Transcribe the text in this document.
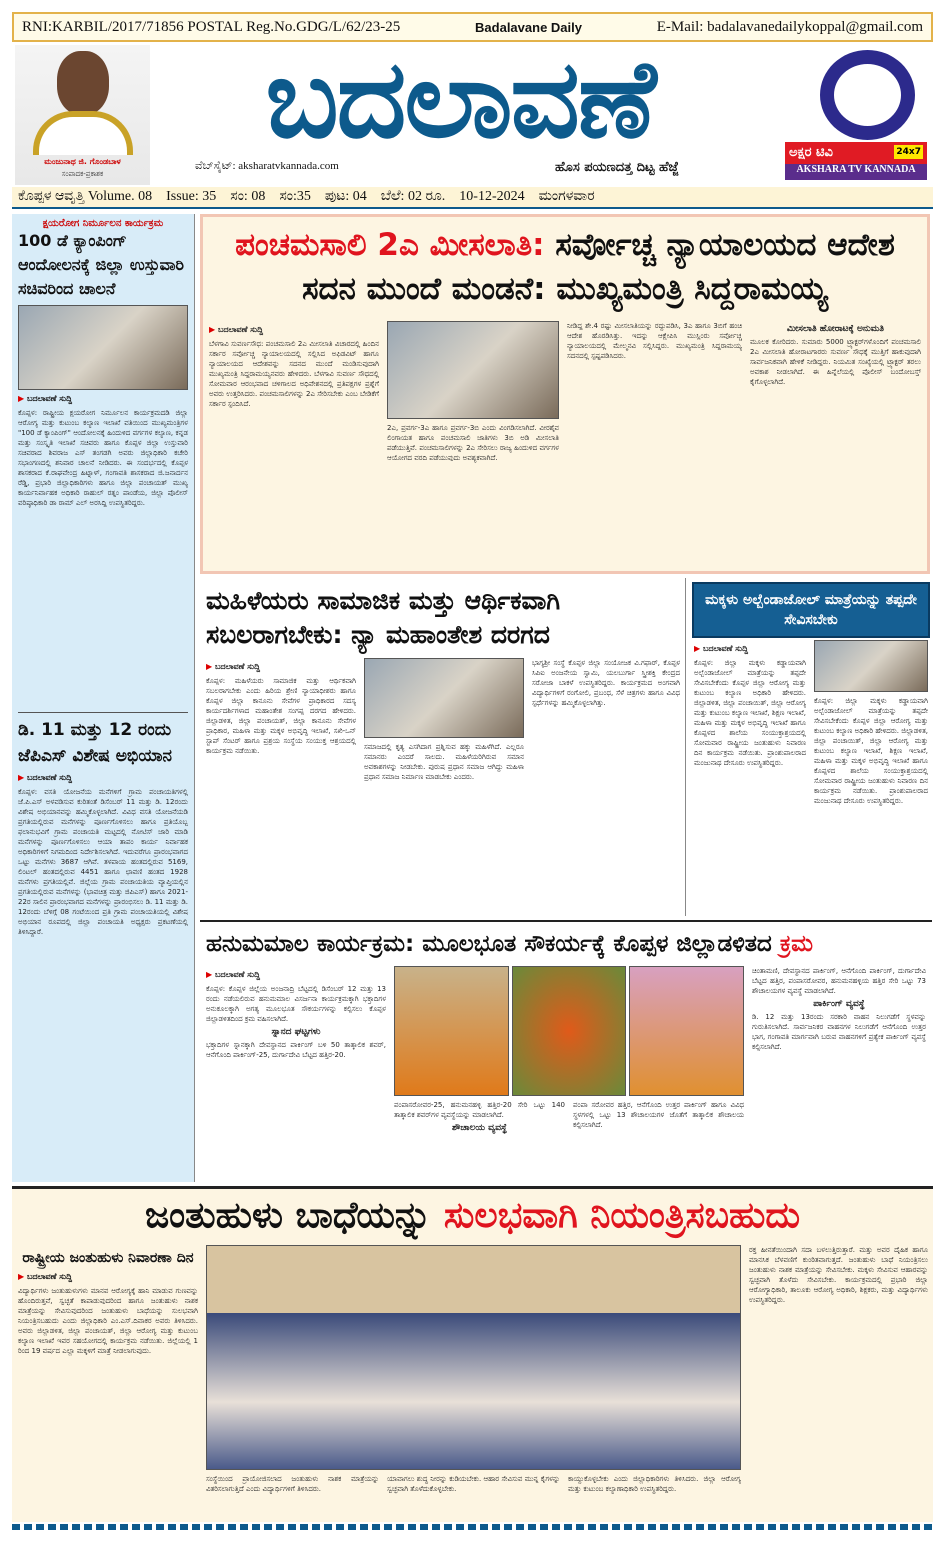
RNI:KARBIL/2017/71856 POSTAL Reg.No.GDG/L/62/23-25	Badalavane Daily	E-Mail: badalavanedailykoppal@gmail.com
ಮಂಜುನಾಥ ಜಿ. ಗೊಂಡಬಾಳ
ಸಂಪಾದಕ-ಪ್ರಕಾಶಕ
ಬದಲಾವಣೆ
ವೆಬ್‌ಸೈಟ್: aksharatvkannada.com	ಹೊಸ ಪಯಣದತ್ತ ದಿಟ್ಟ ಹೆಜ್ಜೆ
ಅಕ್ಷರ ಟಿವಿ	24x7
AKSHARA TV KANNADA
ಕೊಪ್ಪಳ ಆವೃತ್ತಿ Volume. 08 Issue: 35 ಸಂ: 08 ಸಂ:35 ಪುಟ: 04 ಬೆಲೆ: 02 ರೂ. 10-12-2024 ಮಂಗಳವಾರ
ಕ್ಷಯರೋಗ ನಿರ್ಮೂಲನ ಕಾರ್ಯಕ್ರಮ
100 ಡೆ ಕ್ಯಾಂಪಿಂಗ್ ಆಂದೋಲನಕ್ಕೆ ಜಿಲ್ಲಾ ಉಸ್ತುವಾರಿ ಸಚಿವರಿಂದ ಚಾಲನೆ
▶ ಬದಲಾವಣೆ ಸುದ್ದಿ
ಕೊಪ್ಪಳ: ರಾಷ್ಟ್ರೀಯ ಕ್ಷಯರೋಗ ನಿರ್ಮೂಲನ ಕಾರ್ಯಕ್ರಮದಡಿ ಜಿಲ್ಲಾ ಆರೋಗ್ಯ ಮತ್ತು ಕುಟುಂಬ ಕಲ್ಯಾಣ ಇಲಾಖೆ ವತಿಯಿಂದ ಮುಖ್ಯಮಂತ್ರಿಗಳ "100 ಡೆ ಕ್ಯಾಂಪಿಂಗ್" ಆಂದೋಲನಕ್ಕೆ ಹಿಂದುಳಿದ ವರ್ಗಗಳ ಕಲ್ಯಾಣ, ಕನ್ನಡ ಮತ್ತು ಸಂಸ್ಕೃತಿ ಇಲಾಖೆ ಸಚಿವರು ಹಾಗೂ ಕೊಪ್ಪಳ ಜಿಲ್ಲಾ ಉಸ್ತುವಾರಿ ಸಚಿವರಾದ ಶಿವರಾಜ ಎಸ್ ತಂಗಡಗಿ ಅವರು ಜಿಲ್ಲಾಧಿಕಾರಿ ಕಚೇರಿ ಸಭಾಂಗಣದಲ್ಲಿ ಶನಿವಾರ ಚಾಲನೆ ನೀಡಿದರು. ಈ ಸಂದರ್ಭದಲ್ಲಿ ಕೊಪ್ಪಳ ಶಾಸಕರಾದ ಕೆ.ರಾಘವೇಂದ್ರ ಹಿಟ್ನಾಳ್, ಗಂಗಾವತಿ ಶಾಸಕರಾದ ಜಿ.ಜನಾರ್ದನ ರೆಡ್ಡಿ, ಪ್ರಭಾರಿ ಜಿಲ್ಲಾಧಿಕಾರಿಗಳು ಹಾಗೂ ಜಿಲ್ಲಾ ಪಂಚಾಯತ್ ಮುಖ್ಯ ಕಾರ್ಯನಿರ್ವಾಹಕ ಅಧಿಕಾರಿ ರಾಹುಲ್ ರತ್ನಂ ಪಾಂಡೆಯ, ಜಿಲ್ಲಾ ಪೊಲೀಸ್ ವರಿಷ್ಠಾಧಿಕಾರಿ ಡಾ ರಾಮ್ ಎಲ್ ಅರಸಿದ್ದಿ ಉಪಸ್ಥಿತರಿದ್ದರು.
ಡಿ. 11 ಮತ್ತು 12 ರಂದು ಜೆಪಿಎಸ್ ವಿಶೇಷ ಅಭಿಯಾನ
▶ ಬದಲಾವಣೆ ಸುದ್ದಿ
ಕೊಪ್ಪಳ: ವಸತಿ ಯೋಜನೆಯ ಮನೆಗಳಿಗೆ ಗ್ರಾಮ ಪಂಚಾಯತಿಗಳಲ್ಲಿ ಜೆ.ಪಿ.ಎಸ್ ಅಳವಡಿಸುವ ಕುರಿತಂತೆ ಡಿಸೆಂಬರ್ 11 ಮತ್ತು ಡಿ. 12ರಂದು ವಿಶೇಷ ಅಭಿಯಾನವನ್ನು ಹಮ್ಮಿಕೊಳ್ಳಲಾಗಿದೆ. ವಿವಿಧ ವಸತಿ ಯೋಜನೆಯಡಿ ಪ್ರಗತಿಯಲ್ಲಿರುವ ಮನೆಗಳನ್ನು ಪೂರ್ಣಗೊಳಿಸಲು ಹಾಗೂ ಪ್ರತಿಯೊಬ್ಬ ಫಲಾನುಭವಿಗೆ ಗ್ರಾಮ ಪಂಚಾಯತಿ ಮಟ್ಟದಲ್ಲಿ ನೋಟಿಸ್ ಜಾರಿ ಮಾಡಿ ಮನೆಗಳನ್ನು ಪೂರ್ಣಗೊಳಿಸಲು ಆಯಾ ತಾಪಂ ಕಾರ್ಯ ನಿರ್ವಾಹಕ ಅಧಿಕಾರಿಗಳಿಗೆ ನಿಗಮದಿಂದ ನಿರ್ದೇಶಿಸಲಾಗಿದೆ. ಇದುವರೆಗೂ ಪ್ರಾರಂಭವಾಗದ ಒಟ್ಟು ಮನೆಗಳು 3687 ಆಗಿವೆ. ತಳಪಾಯ ಹಂತದಲ್ಲಿರುವ 5169, ಲಿಂಟಲ್ ಹಂತದಲ್ಲಿರುವ 4451 ಹಾಗೂ ಛಾವಣಿ ಹಂತದ 1928 ಮನೆಗಳು ಪ್ರಗತಿಯಲ್ಲಿವೆ. ಜಿಲ್ಲೆಯ ಗ್ರಾಮ ಪಂಚಾಯತಿಯ ವ್ಯಾಪ್ತಿಯಲ್ಲಿನ ಪ್ರಗತಿಯಲ್ಲಿರುವ ಮನೆಗಳನ್ನು (ಭಾವಚಿತ್ರ ಮತ್ತು ಜಿಪಿಎಸ್) ಹಾಗೂ 2021-22ರ ಸಾಲಿನ ಪ್ರಾರಂಭವಾಗದ ಮನೆಗಳನ್ನು ಪ್ರಾರಂಭಿಸಲು ಡಿ. 11 ಮತ್ತು ಡಿ. 12ರಂದು ಬೆಳಿಗ್ಗೆ 08 ಗಂಟೆಯಿಂದ ಪ್ರತಿ ಗ್ರಾಮ ಪಂಚಾಯತಿಯಲ್ಲಿ ವಿಶೇಷ ಅಭಿಯಾನ ರೂಪದಲ್ಲಿ ಜಿಲ್ಲಾ ಪಂಚಾಯತಿ ಅಧ್ಯಕ್ಷರು ಪ್ರಕಟಣೆಯಲ್ಲಿ ತಿಳಿಸಿದ್ದಾರೆ.
ಪಂಚಮಸಾಲಿ 2ಎ ಮೀಸಲಾತಿ: ಸರ್ವೋಚ್ಚ ನ್ಯಾಯಾಲಯದ ಆದೇಶ
ಸದನ ಮುಂದೆ ಮಂಡನೆ: ಮುಖ್ಯಮಂತ್ರಿ ಸಿದ್ದರಾಮಯ್ಯ
▶ ಬದಲಾವಣೆ ಸುದ್ದಿ
ಬೆಳಗಾವಿ ಸುವರ್ಣಸೌಧ: ಪಂಚಮಸಾಲಿ 2ಎ ಮೀಸಲಾತಿ ವಿಚಾರದಲ್ಲಿ ಹಿಂದಿನ ಸರ್ಕಾರ ಸರ್ವೋಚ್ಚ ನ್ಯಾಯಾಲಯದಲ್ಲಿ ಸಲ್ಲಿಸಿದ ಅಫಿಡವಿಟ್ ಹಾಗೂ ನ್ಯಾಯಾಲಯದ ಆದೇಶವನ್ನು ಸದನದ ಮುಂದೆ ಮಂಡಿಸುವುದಾಗಿ ಮುಖ್ಯಮಂತ್ರಿ ಸಿದ್ದರಾಮಯ್ಯನವರು ಹೇಳಿದರು. ಬೆಳಗಾವಿ ಸುವರ್ಣ ಸೌಧದಲ್ಲಿ ಸೋಮವಾರ ಆರಂಭವಾದ ಚಳಿಗಾಲದ ಅಧಿವೇಶನದಲ್ಲಿ ಪ್ರತಿಪಕ್ಷಗಳ ಪ್ರಶ್ನೆಗೆ ಅವರು ಉತ್ತರಿಸಿದರು. ಪಂಚಮಸಾಲಿಗಳನ್ನು 2ಎ ಸೇರಿಸಬೇಕು ಎಂಬ ಬೇಡಿಕೆಗೆ ಸರ್ಕಾರ ಸ್ಪಂದಿಸಿದೆ.
2ಎ, ಪ್ರವರ್ಗ-3ಎ ಹಾಗೂ ಪ್ರವರ್ಗ-3ಬಿ ಎಂದು ವಿಂಗಡಿಸಲಾಗಿದೆ. ವೀರಶೈವ ಲಿಂಗಾಯತ ಹಾಗೂ ಪಂಚಮಸಾಲಿ ಜಾತಿಗಳು 3ಬಿ ಅಡಿ ಮೀಸಲಾತಿ ಪಡೆಯುತ್ತಿವೆ. ಪಂಚಮಸಾಲಿಗಳನ್ನು 2ಎ ಸೇರಿಸಲು ರಾಜ್ಯ ಹಿಂದುಳಿದ ವರ್ಗಗಳ ಆಯೋಗದ ವರದಿ ಪಡೆಯುವುದು ಅವಶ್ಯಕವಾಗಿದೆ.
ನೀಡಿದ್ದ ಶೇ.4 ರಷ್ಟು ಮೀಸಲಾತಿಯನ್ನು ರದ್ದುಪಡಿಸಿ, 3ಎ ಹಾಗೂ 3ಬಿಗೆ ಹಂಚಿ ಆದೇಶ ಹೊರಡಿಸಿತ್ತು. ಇದನ್ನು ಆಕ್ಷೇಪಿಸಿ ಮುಸ್ಲಿಂರು ಸರ್ವೋಚ್ಚ ನ್ಯಾಯಾಲಯದಲ್ಲಿ ಮೇಲ್ಮನವಿ ಸಲ್ಲಿಸಿದ್ದರು. ಮುಖ್ಯಮಂತ್ರಿ ಸಿದ್ದರಾಮಯ್ಯ ಸದನದಲ್ಲಿ ಸ್ಪಷ್ಟಪಡಿಸಿದರು.
ಮೀಸಲಾತಿ ಹೋರಾಟಕ್ಕೆ ಅನುಮತಿ
ಮೂಲಕ ಕೋರಿದರು. ಸುಮಾರು 5000 ಟ್ರ್ಯಾಕ್ಟರ್‌ಗಳೊಂದಿಗೆ ಪಂಚಮಸಾಲಿ 2ಎ ಮೀಸಲಾತಿ ಹೋರಾಟಗಾರರು ಸುವರ್ಣ ಸೌಧಕ್ಕೆ ಮುತ್ತಿಗೆ ಹಾಕುವುದಾಗಿ ಸಾರ್ವಜನಿಕವಾಗಿ ಹೇಳಿಕೆ ನೀಡಿದ್ದರು. ನಿಯಮಿತ ಸಂಖ್ಯೆಯಲ್ಲಿ ಟ್ರ್ಯಾಕ್ಟರ್ ತರಲು ಅವಕಾಶ ನೀಡಲಾಗಿದೆ. ಈ ಹಿನ್ನೆಲೆಯಲ್ಲಿ ಪೊಲೀಸ್ ಬಂದೋಬಸ್ತ್ ಕೈಗೊಳ್ಳಲಾಗಿದೆ.
ಮಹಿಳೆಯರು ಸಾಮಾಜಿಕ ಮತ್ತು ಆರ್ಥಿಕವಾಗಿ
ಸಬಲರಾಗಬೇಕು: ನ್ಯಾ ಮಹಾಂತೇಶ ದರಗದ
▶ ಬದಲಾವಣೆ ಸುದ್ದಿ
ಕೊಪ್ಪಳ: ಮಹಿಳೆಯರು ಸಾಮಾಜಿಕ ಮತ್ತು ಆರ್ಥಿಕವಾಗಿ ಸಬಲರಾಗಬೇಕು ಎಂದು ಹಿರಿಯ ಶ್ರೇಣಿ ನ್ಯಾಯಾಧೀಶರು ಹಾಗೂ ಕೊಪ್ಪಳ ಜಿಲ್ಲಾ ಕಾನೂನು ಸೇವೆಗಳ ಪ್ರಾಧಿಕಾರದ ಸದಸ್ಯ ಕಾರ್ಯದರ್ಶಿಗಳಾದ ಮಹಾಂತೇಶ ಸಂಗಪ್ಪ ದರಗದ ಹೇಳಿದರು. ಜಿಲ್ಲಾಡಳಿತ, ಜಿಲ್ಲಾ ಪಂಚಾಯತ್, ಜಿಲ್ಲಾ ಕಾನೂನು ಸೇವೆಗಳ ಪ್ರಾಧಿಕಾರ, ಮಹಿಳಾ ಮತ್ತು ಮಕ್ಕಳ ಅಭಿವೃದ್ಧಿ ಇಲಾಖೆ, ಸಖಿ-ಒನ್ ಸ್ಟಾಪ್ ಸೆಂಟರ್ ಹಾಗೂ ಪ್ರಶ್ರಯ ಸಂಸ್ಥೆಯ ಸಂಯುಕ್ತ ಆಶ್ರಯದಲ್ಲಿ ಕಾರ್ಯಕ್ರಮ ನಡೆಯಿತು.	ಸಮಾಜದಲ್ಲಿ ಕೃತ್ಯ ಎಸಗಿದಾಗ ಪ್ರಶ್ನಿಸುವ ಹಕ್ಕು ಮಹಿಳೆಗಿದೆ. ಎಲ್ಲರೂ ಸಮಾನರು ಎಂದರೆ ಸಾಲದು. ಮಹಿಳೆಯರಿಗಿರುವ ಸಮಾನ ಅವಕಾಶಗಳನ್ನು ನೀಡಬೇಕು. ಪುರುಷ ಪ್ರಧಾನ ಸಮಾಜ ಆಗಿದ್ದು ಮಹಿಳಾ ಪ್ರಧಾನ ಸಮಾಜ ನಿರ್ಮಾಣ ಮಾಡಬೇಕು ಎಂದರು.
ಭಾಗ್ಯಶ್ರೀ ಸಂಸ್ಥೆ ಕೊಪ್ಪಳ ಜಿಲ್ಲಾ ಸಂಯೋಜಕ ವಿ.ಗಫಾರ್, ಕೊಪ್ಪಳ ಸಿಪಿಐ ಅಂಜನೇಯ ಸ್ವಾಮಿ, ಯಲಬುರ್ಗಾ ಸ್ತ್ರೀಶಕ್ತಿ ಕೇಂದ್ರದ ಸರೋಜಾ ಬಾಕಳೆ ಉಪಸ್ಥಿತರಿದ್ದರು. ಕಾರ್ಯಕ್ರಮದ ಅಂಗವಾಗಿ ವಿದ್ಯಾರ್ಥಿಗಳಿಗೆ ರಂಗೋಲಿ, ಪ್ರಬಂಧ, ಸೆಳೆ ಚಿತ್ರಗಳು ಹಾಗೂ ವಿವಿಧ ಸ್ಪರ್ಧೆಗಳನ್ನು ಹಮ್ಮಿಕೊಳ್ಳಲಾಗಿತ್ತು.
ಮಕ್ಕಳು ಅಲ್ಬೆಂಡಾಜೋಲ್ ಮಾತ್ರೆಯನ್ನು ತಪ್ಪದೇ ಸೇವಿಸಬೇಕು
▶ ಬದಲಾವಣೆ ಸುದ್ದಿ
ಕೊಪ್ಪಳ: ಜಿಲ್ಲಾ ಮಕ್ಕಳು ಕಡ್ಡಾಯವಾಗಿ ಅಲ್ಬೆಂಡಾಜೋಲ್ ಮಾತ್ರೆಯನ್ನು ತಪ್ಪದೇ ಸೇವಿಸಬೇಕೆಂದು ಕೊಪ್ಪಳ ಜಿಲ್ಲಾ ಆರೋಗ್ಯ ಮತ್ತು ಕುಟುಂಬ ಕಲ್ಯಾಣ ಅಧಿಕಾರಿ ಹೇಳಿದರು. ಜಿಲ್ಲಾಡಳಿತ, ಜಿಲ್ಲಾ ಪಂಚಾಯಿತ್, ಜಿಲ್ಲಾ ಆರೋಗ್ಯ ಮತ್ತು ಕುಟುಂಬ ಕಲ್ಯಾಣ ಇಲಾಖೆ, ಶಿಕ್ಷಣ ಇಲಾಖೆ, ಮಹಿಳಾ ಮತ್ತು ಮಕ್ಕಳ ಅಭಿವೃದ್ಧಿ ಇಲಾಖೆ ಹಾಗೂ ಕೊಪ್ಪಳದ ಶಾಲೆಯ ಸಂಯುಕ್ತಾಶ್ರಯದಲ್ಲಿ ಸೋಮವಾರ ರಾಷ್ಟ್ರೀಯ ಜಂತುಹುಳು ನಿವಾರಣ ದಿನ ಕಾರ್ಯಕ್ರಮ ನಡೆಯಿತು. ಪ್ರಾಂಶುಪಾಲರಾದ ಮಂಜುನಾಥ ದೇಸೂರು ಉಪಸ್ಥಿತರಿದ್ದರು.
ಕೊಪ್ಪಳ: ಜಿಲ್ಲಾ ಮಕ್ಕಳು ಕಡ್ಡಾಯವಾಗಿ ಅಲ್ಬೆಂಡಾಜೋಲ್ ಮಾತ್ರೆಯನ್ನು ತಪ್ಪದೇ ಸೇವಿಸಬೇಕೆಂದು ಕೊಪ್ಪಳ ಜಿಲ್ಲಾ ಆರೋಗ್ಯ ಮತ್ತು ಕುಟುಂಬ ಕಲ್ಯಾಣ ಅಧಿಕಾರಿ ಹೇಳಿದರು. ಜಿಲ್ಲಾಡಳಿತ, ಜಿಲ್ಲಾ ಪಂಚಾಯಿತ್, ಜಿಲ್ಲಾ ಆರೋಗ್ಯ ಮತ್ತು ಕುಟುಂಬ ಕಲ್ಯಾಣ ಇಲಾಖೆ, ಶಿಕ್ಷಣ ಇಲಾಖೆ, ಮಹಿಳಾ ಮತ್ತು ಮಕ್ಕಳ ಅಭಿವೃದ್ಧಿ ಇಲಾಖೆ ಹಾಗೂ ಕೊಪ್ಪಳದ ಶಾಲೆಯ ಸಂಯುಕ್ತಾಶ್ರಯದಲ್ಲಿ ಸೋಮವಾರ ರಾಷ್ಟ್ರೀಯ ಜಂತುಹುಳು ನಿವಾರಣ ದಿನ ಕಾರ್ಯಕ್ರಮ ನಡೆಯಿತು. ಪ್ರಾಂಶುಪಾಲರಾದ ಮಂಜುನಾಥ ದೇಸೂರು ಉಪಸ್ಥಿತರಿದ್ದರು.
ಹನುಮಮಾಲ ಕಾರ್ಯಕ್ರಮ: ಮೂಲಭೂತ ಸೌಕರ್ಯಕ್ಕೆ ಕೊಪ್ಪಳ ಜಿಲ್ಲಾಡಳಿತದ ಕ್ರಮ
▶ ಬದಲಾವಣೆ ಸುದ್ದಿ
ಕೊಪ್ಪಳ: ಕೊಪ್ಪಳ ಜಿಲ್ಲೆಯ ಅಂಜನಾದ್ರಿ ಬೆಟ್ಟದಲ್ಲಿ ಡಿಸೆಂಬರ್ 12 ಮತ್ತು 13 ರಂದು ನಡೆಯಲಿರುವ ಹನುಮಮಾಲ ವಿಸರ್ಜನಾ ಕಾರ್ಯಕ್ರಮಕ್ಕಾಗಿ ಭಕ್ತಾದಿಗಳ ಅನುಕೂಲಕ್ಕಾಗಿ ಅಗತ್ಯ ಮೂಲಭೂತ ಸೌಕರ್ಯಗಳನ್ನು ಕಲ್ಪಿಸಲು ಕೊಪ್ಪಳ ಜಿಲ್ಲಾಡಳಿತದಿಂದ ಕ್ರಮ ವಹಿಸಲಾಗಿದೆ.
ಸ್ನಾನದ ಘಟ್ಟಗಳು
ಭಕ್ತಾದಿಗಳ ಸ್ನಾನಕ್ಕಾಗಿ ದೇವಸ್ಥಾನದ ಪಾರ್ಕಿಂಗ್ ಬಳಿ 50 ತಾತ್ಕಾಲಿಕ ಶವರ್, ಆನೆಗೊಂದಿ ಪಾರ್ಕಿಂಗ್-25, ದುರ್ಗಾದೇವಿ ಬೆಟ್ಟದ ಹತ್ತಿರ-20.
ಪಂಪಾಸರೋವರ-25, ಹನುಮನಹಳ್ಳಿ ಹತ್ತಿರ-20 ಸೇರಿ ಒಟ್ಟು 140 ತಾತ್ಕಾಲಿಕ ಶವರ್‌ಗಳ ವ್ಯವಸ್ಥೆಯನ್ನು ಮಾಡಲಾಗಿದೆ.
ಶೌಚಾಲಯ ವ್ಯವಸ್ಥೆ
ಪಂಪಾ ಸರೋವರ ಹತ್ತಿರ, ಆನೆಗೊಂದಿ ಉತ್ತರ ಪಾರ್ಕಿಂಗ್ ಹಾಗೂ ವಿವಿಧ ಸ್ಥಳಗಳಲ್ಲಿ ಒಟ್ಟು 13 ಶೌಚಾಲಯಗಳ ಜೊತೆಗೆ ತಾತ್ಕಾಲಿಕ ಶೌಚಾಲಯ ಕಲ್ಪಿಸಲಾಗಿದೆ.
ಚಿಂತಾಮಣಿ, ದೇವಸ್ಥಾನದ ಪಾರ್ಕಿಂಗ್, ಆನೆಗೊಂದಿ ಪಾರ್ಕಿಂಗ್, ದುರ್ಗಾದೇವಿ ಬೆಟ್ಟದ ಹತ್ತಿರ, ಪಂಪಾಸರೋವರ, ಹನುಮನಹಳ್ಳಿಯ ಹತ್ತಿರ ಸೇರಿ ಒಟ್ಟು 73 ಶೌಚಾಲಯಗಳ ವ್ಯವಸ್ಥೆ ಮಾಡಲಾಗಿದೆ.
ಪಾರ್ಕಿಂಗ್ ವ್ಯವಸ್ಥೆ
ಡಿ. 12 ಮತ್ತು 13ರಂದು ಸರಕಾರಿ ವಾಹನ ನಿಲುಗಡೆಗೆ ಸ್ಥಳವನ್ನು ಗುರುತಿಸಲಾಗಿದೆ. ಸಾರ್ವಜನಿಕರ ವಾಹನಗಳ ನಿಲುಗಡೆಗೆ ಆನೆಗೊಂದಿ ಉತ್ತರ ಭಾಗ, ಗಂಗಾವತಿ ಮಾರ್ಗವಾಗಿ ಬರುವ ವಾಹನಗಳಿಗೆ ಪ್ರತ್ಯೇಕ ಪಾರ್ಕಿಂಗ್ ವ್ಯವಸ್ಥೆ ಕಲ್ಪಿಸಲಾಗಿದೆ.
ಜಂತುಹುಳು ಬಾಧೆಯನ್ನು ಸುಲಭವಾಗಿ ನಿಯಂತ್ರಿಸಬಹುದು
ರಾಷ್ಟ್ರೀಯ ಜಂತುಹುಳು ನಿವಾರಣಾ ದಿನ
▶ ಬದಲಾವಣೆ ಸುದ್ದಿ
ವಿದ್ಯಾರ್ಥಿಗಳು ಜಂತುಹುಳುಗಳು ಮಾನವ ಆರೋಗ್ಯಕ್ಕೆ ಹಾನಿ ಮಾಡುವ ಗುಣವನ್ನು ಹೊಂದಿರುತ್ತವೆ, ಸ್ವಚ್ಛತೆ ಕಾಪಾಡುವುದರಿಂದ ಹಾಗೂ ಜಂತುಹುಳು ನಾಶಕ ಮಾತ್ರೆಯನ್ನು ಸೇವಿಸುವುದರಿಂದ ಜಂತುಹುಳು ಬಾಧೆಯನ್ನು ಸುಲಭವಾಗಿ ನಿಯಂತ್ರಿಸಬಹುದು ಎಂದು ಜಿಲ್ಲಾಧಿಕಾರಿ ಎಂ.ಎಸ್.ದಿವಾಕರ ಅವರು ತಿಳಿಸಿದರು. ಅವರು ಜಿಲ್ಲಾಡಳಿತ, ಜಿಲ್ಲಾ ಪಂಚಾಯತ್, ಜಿಲ್ಲಾ ಆರೋಗ್ಯ ಮತ್ತು ಕುಟುಂಬ ಕಲ್ಯಾಣ ಇಲಾಖೆ ಇವರ ಸಹಯೋಗದಲ್ಲಿ ಕಾರ್ಯಕ್ರಮ ನಡೆಯಿತು. ಜಿಲ್ಲೆಯಲ್ಲಿ 1 ರಿಂದ 19 ವರ್ಷದ ಎಲ್ಲಾ ಮಕ್ಕಳಿಗೆ ಮಾತ್ರೆ ನೀಡಲಾಗುವುದು.
ಸಂಸ್ಥೆಯಿಂದ ಪ್ರಾಯೋಜಿಸಲಾದ ಜಂತುಹುಳು ನಾಶಕ ಮಾತ್ರೆಯನ್ನು ವಿತರಿಸಲಾಗುತ್ತಿದೆ ಎಂದು ವಿದ್ಯಾರ್ಥಿಗಳಿಗೆ ತಿಳಿಸಿದರು.
ಯಾವಾಗಲು ಶುದ್ಧ ನೀರನ್ನು ಕುಡಿಯಬೇಕು. ಆಹಾರ ಸೇವಿಸುವ ಮುನ್ನ ಕೈಗಳನ್ನು ಸ್ವಚ್ಛವಾಗಿ ತೊಳೆದುಕೊಳ್ಳಬೇಕು.
ಕಾಯ್ದುಕೊಳ್ಳಬೇಕು ಎಂದು ಜಿಲ್ಲಾಧಿಕಾರಿಗಳು ತಿಳಿಸಿದರು. ಜಿಲ್ಲಾ ಆರೋಗ್ಯ ಮತ್ತು ಕುಟುಂಬ ಕಲ್ಯಾಣಾಧಿಕಾರಿ ಉಪಸ್ಥಿತರಿದ್ದರು.
ರಕ್ತ ಹೀನತೆಯಿಂದಾಗಿ ಸದಾ ಬಳಲುತ್ತಿರುತ್ತಾರೆ. ಮತ್ತು ಅವರ ದೈಹಿಕ ಹಾಗೂ ಮಾನಸಿಕ ಬೆಳವಣಿಗೆ ಕುಂಠಿತವಾಗುತ್ತದೆ. ಜಂತುಹುಳು ಬಾಧೆ ನಿಯಂತ್ರಿಸಲು ಜಂತುಹುಳು ನಾಶಕ ಮಾತ್ರೆಯನ್ನು ಸೇವಿಸಬೇಕು. ಮಕ್ಕಳು ಸೇವಿಸುವ ಆಹಾರವನ್ನು ಸ್ವಚ್ಛವಾಗಿ ತೊಳೆದು ಸೇವಿಸಬೇಕು. ಕಾರ್ಯಕ್ರಮದಲ್ಲಿ ಪ್ರಭಾರಿ ಜಿಲ್ಲಾ ಆರೋಗ್ಯಾಧಿಕಾರಿ, ತಾಲೂಕು ಆರೋಗ್ಯ ಅಧಿಕಾರಿ, ಶಿಕ್ಷಕರು, ಮತ್ತು ವಿದ್ಯಾರ್ಥಿಗಳು ಉಪಸ್ಥಿತರಿದ್ದರು.
